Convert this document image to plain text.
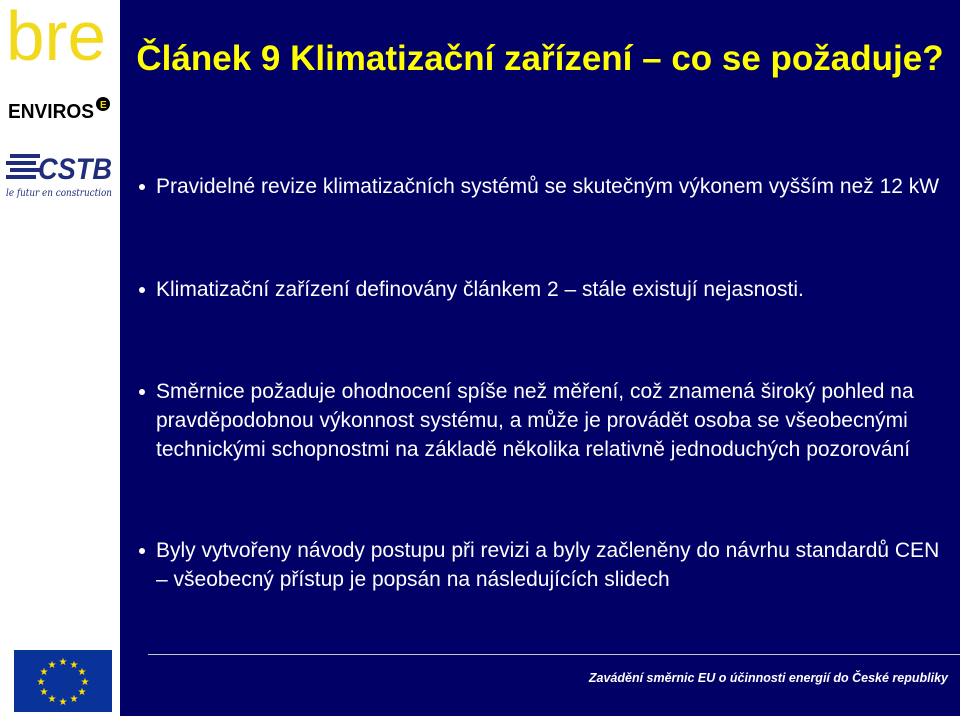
bre
ENVIROS E
CSTB
le futur en construction
★ ★
★
★
★
★
★
★
★
★
★
★
Článek 9 Klimatizační zařízení – co se požaduje?
Pravidelné revize klimatizačních systémů se skutečným výkonem vyšším než 12 kW
Klimatizační zařízení definovány článkem 2 – stále existují nejasnosti.
Směrnice požaduje ohodnocení spíše než měření, což znamená široký pohled na pravděpodobnou výkonnost systému, a může je provádět osoba se všeobecnými technickými schopnostmi na základě několika relativně jednoduchých pozorování
Byly vytvořeny návody postupu při revizi a byly začleněny do návrhu standardů CEN – všeobecný přístup je popsán na následujících slidech
Zavádění směrnic EU o účinnosti energií do České republiky
